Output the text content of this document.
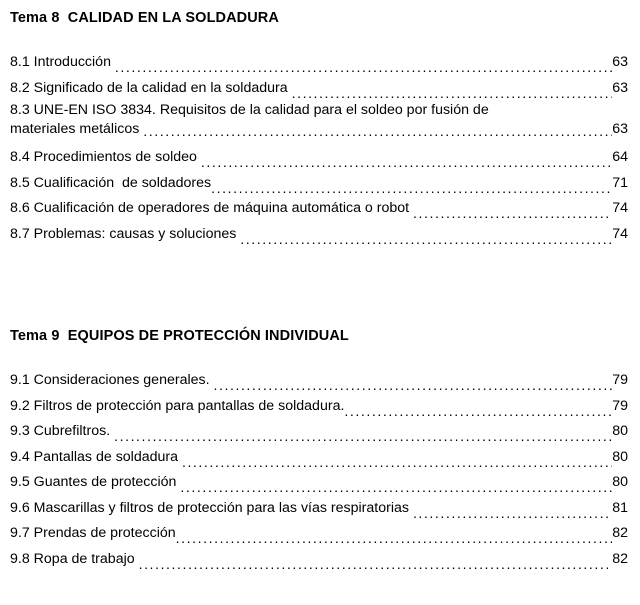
Tema 8  CALIDAD EN LA SOLDADURA
8.1 Introducción .....	63
8.2 Significado de la calidad en la soldadura .....	63
8.3 UNE-EN ISO 3834. Requisitos de la calidad para el soldeo por fusión de
materiales metálicos .....	63
8.4 Procedimientos de soldeo .....	64
8.5 Cualificación  de soldadores .....	71
8.6 Cualificación de operadores de máquina automática o robot .....	74
8.7 Problemas: causas y soluciones .....	74
Tema 9  EQUIPOS DE PROTECCIÓN INDIVIDUAL
9.1 Consideraciones generales. .....	79
9.2 Filtros de protección para pantallas de soldadura. .....	79
9.3 Cubrefiltros. .....	80
9.4 Pantallas de soldadura .....	80
9.5 Guantes de protección .....	80
9.6 Mascarillas y filtros de protección para las vías respiratorias .....	81
9.7 Prendas de protección .....	82
9.8 Ropa de trabajo .....	82
